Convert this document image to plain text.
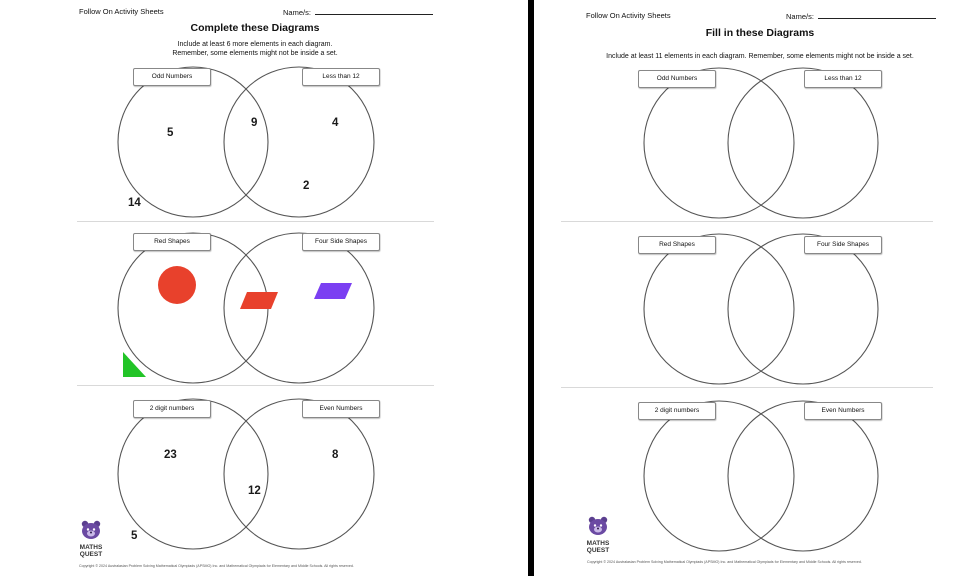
Follow On Activity Sheets	Name/s:
Complete these Diagrams
Include at least 6 more elements in each diagram.
Remember, some elements might not be inside a set.
Odd Numbers	Less than 12
5
9	4
2
14
Red Shapes	Four Side Shapes
2 digit numbers	Even Numbers
23	8
12
5
MATHS
QUEST
Copyright © 2024 Australasian Problem Solving Mathematical Olympiads (APSMO) Inc. and Mathematical Olympiads for Elementary and Middle Schools. All rights reserved.
Follow On Activity Sheets	Name/s:
Fill in these Diagrams
Include at least 11 elements in each diagram. Remember, some elements might not be inside a set.
Odd Numbers	Less than 12
Red Shapes	Four Side Shapes
2 digit numbers	Even Numbers
MATHS
QUEST
Copyright © 2024 Australasian Problem Solving Mathematical Olympiads (APSMO) Inc. and Mathematical Olympiads for Elementary and Middle Schools. All rights reserved.
